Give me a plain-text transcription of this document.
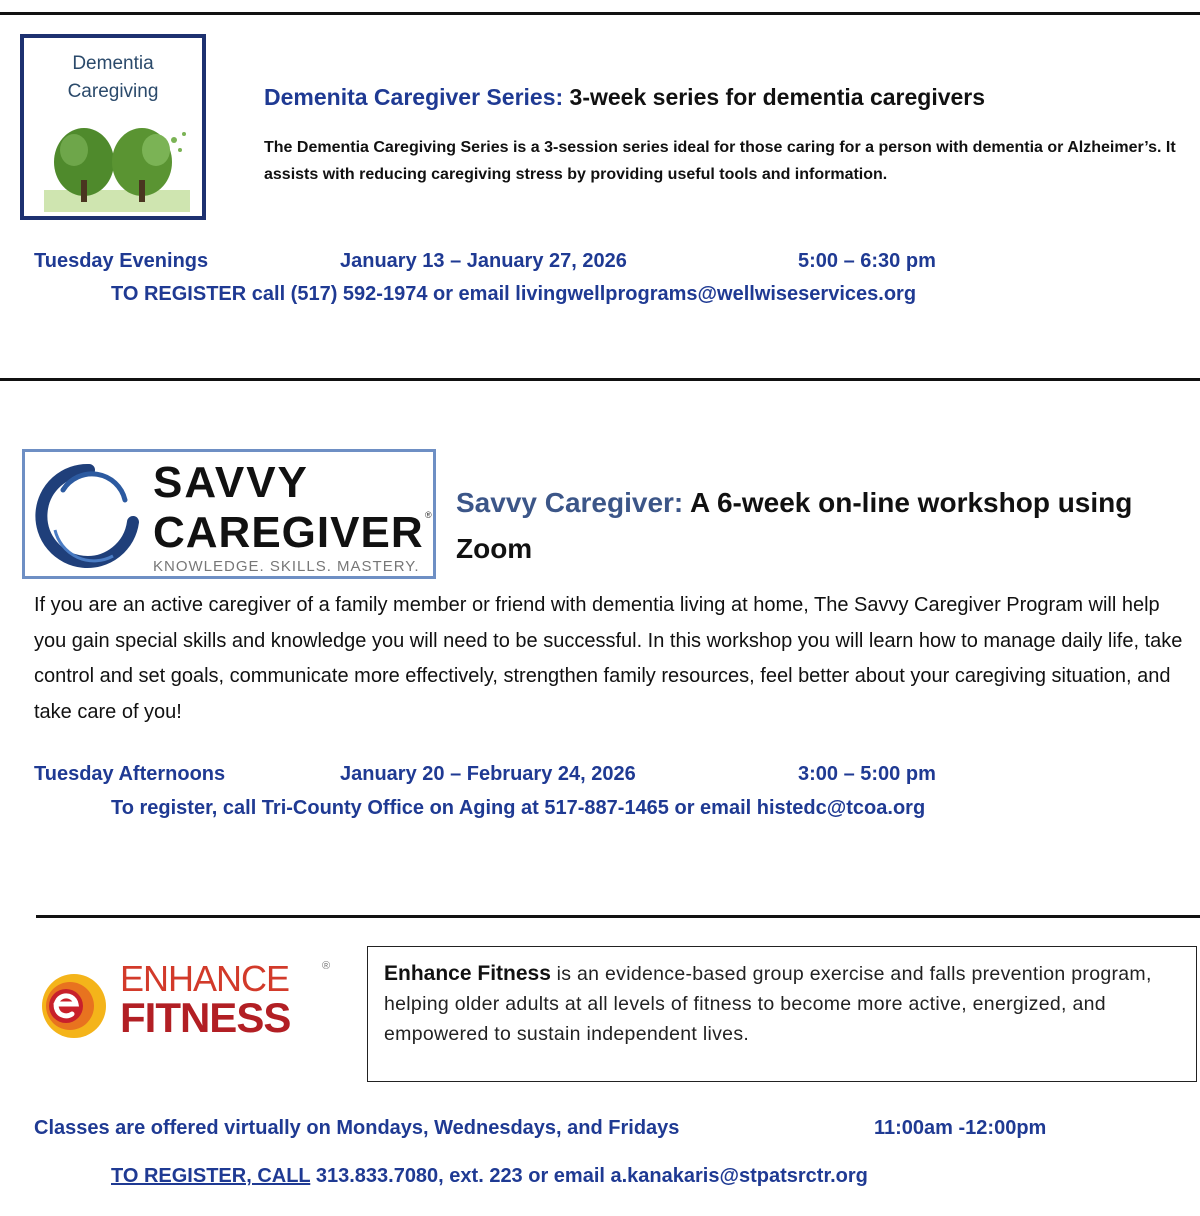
Dementia
Caregiving	Demenita Caregiver Series: 3-week series for dementia caregivers
The Dementia Caregiving Series is a 3-session series ideal for those caring for a person with dementia or Alzheimer’s. It assists with reducing caregiving stress by providing useful tools and information.
Tuesday Evenings	January 13 – January 27, 2026	5:00 – 6:30 pm
TO REGISTER call (517) 592-1974 or email livingwellprograms@wellwiseservices.org
SAVVY
CAREGIVER ®
KNOWLEDGE. SKILLS. MASTERY.
Savvy Caregiver: A 6-week on-line workshop using Zoom
If you are an active caregiver of a family member or friend with dementia living at home, The Savvy Caregiver Program will help you gain special skills and knowledge you will need to be successful. In this workshop you will learn how to manage daily life, take control and set goals, communicate more effectively, strengthen family resources, feel better about your caregiving situation, and take care of you!
Tuesday Afternoons	January 20 – February 24, 2026	3:00 – 5:00 pm
To register, call Tri-County Office on Aging at 517-887-1465 or email histedc@tcoa.org
ENHANCE	®
FITNESS
Enhance Fitness is an evidence-based group exercise and falls prevention program, helping older adults at all levels of fitness to become more active, energized, and empowered to sustain independent lives.
Classes are offered virtually on Mondays, Wednesdays, and Fridays	11:00am -12:00pm
TO REGISTER, CALL 313.833.7080, ext. 223 or email a.kanakaris@stpatsrctr.org
